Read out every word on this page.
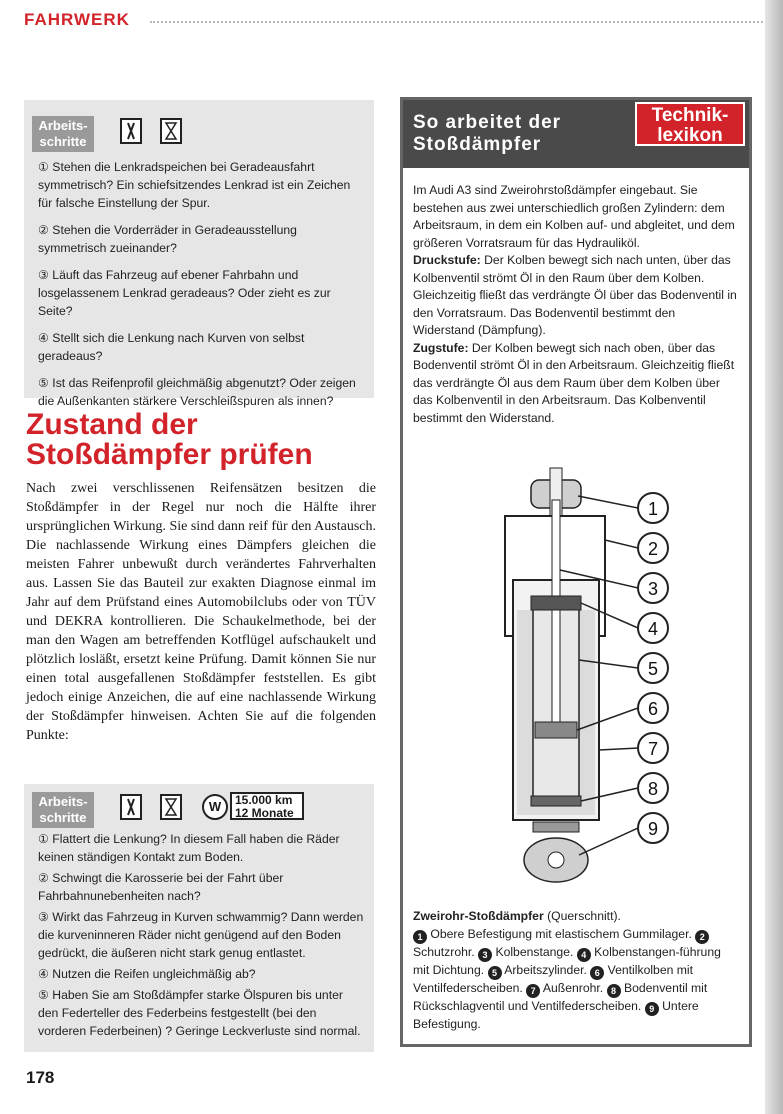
FAHRWERK
Arbeits-
schritte

① Stehen die Lenkradspeichen bei Geradeausfahrt symmetrisch? Ein schiefsitzendes Lenkrad ist ein Zeichen für falsche Einstellung der Spur.

② Stehen die Vorderräder in Geradeausstellung symmetrisch zueinander?

③ Läuft das Fahrzeug auf ebener Fahrbahn und losgelassenem Lenkrad geradeaus? Oder zieht es zur Seite?

④ Stellt sich die Lenkung nach Kurven von selbst geradeaus?

⑤ Ist das Reifenprofil gleichmäßig abgenutzt? Oder zeigen die Außenkanten stärkere Verschleißspuren als innen?

Zustand der
Stoßdämpfer prüfen
Nach zwei verschlissenen Reifensätzen besitzen die Stoßdämpfer in der Regel nur noch die Hälfte ihrer ursprünglichen Wirkung. Sie sind dann reif für den Austausch. Die nachlassende Wirkung eines Dämpfers gleichen die meisten Fahrer unbewußt durch verändertes Fahrverhalten aus. Lassen Sie das Bauteil zur exakten Diagnose einmal im Jahr auf dem Prüfstand eines Automobilclubs oder von TÜV und DEKRA kontrollieren. Die Schaukelmethode, bei der man den Wagen am betreffenden Kotflügel aufschaukelt und plötzlich losläßt, ersetzt keine Prüfung. Damit können Sie nur einen total ausgefallenen Stoßdämpfer feststellen. Es gibt jedoch einige Anzeichen, die auf eine nachlassende Wirkung der Stoßdämpfer hinweisen. Achten Sie auf die folgenden Punkte:
Arbeits-
schritte
W	15.000 km
12 Monate

① Flattert die Lenkung? In diesem Fall haben die Räder keinen ständigen Kontakt zum Boden.

② Schwingt die Karosserie bei der Fahrt über Fahrbahnunebenheiten nach?

③ Wirkt das Fahrzeug in Kurven schwammig? Dann werden die kurveninneren Räder nicht genügend auf den Boden gedrückt, die äußeren nicht stark genug entlastet.

④ Nutzen die Reifen ungleichmäßig ab?

⑤ Haben Sie am Stoßdämpfer starke Ölspuren bis unter den Federteller des Federbeins festgestellt (bei den vorderen Federbeinen) ? Geringe Leckverluste sind normal.

So arbeitet der
Stoßdämpfer
Technik-
lexikon

Im Audi A3 sind Zweirohrstoßdämpfer eingebaut. Sie bestehen aus zwei unterschiedlich großen Zylindern: dem Arbeitsraum, in dem ein Kolben auf- und abgleitet, und dem größeren Vorratsraum für das Hydrauliköl.

Druckstufe: Der Kolben bewegt sich nach unten, über das Kolbenventil strömt Öl in den Raum über dem Kolben. Gleichzeitig fließt das verdrängte Öl über das Bodenventil in den Vorratsraum. Das Bodenventil bestimmt den Widerstand (Dämpfung).

Zugstufe: Der Kolben bewegt sich nach oben, über das Bodenventil strömt Öl in den Arbeitsraum. Gleichzeitig fließt das verdrängte Öl aus dem Raum über dem Kolben über das Kolbenventil in den Arbeitsraum. Das Kolbenventil bestimmt den Widerstand.

1
2
3
4
5
6
7
8
9
Zweirohr-Stoßdämpfer (Querschnitt).
1 Obere Befestigung mit elastischem Gummilager. 2 Schutzrohr. 3 Kolbenstange. 4 Kolbenstangen-führung mit Dichtung. 5 Arbeitszylinder. 6 Ventilkolben mit Ventilfederscheiben. 7 Außenrohr. 8 Bodenventil mit Rückschlagventil und Ventilfederscheiben. 9 Untere Befestigung.
178
